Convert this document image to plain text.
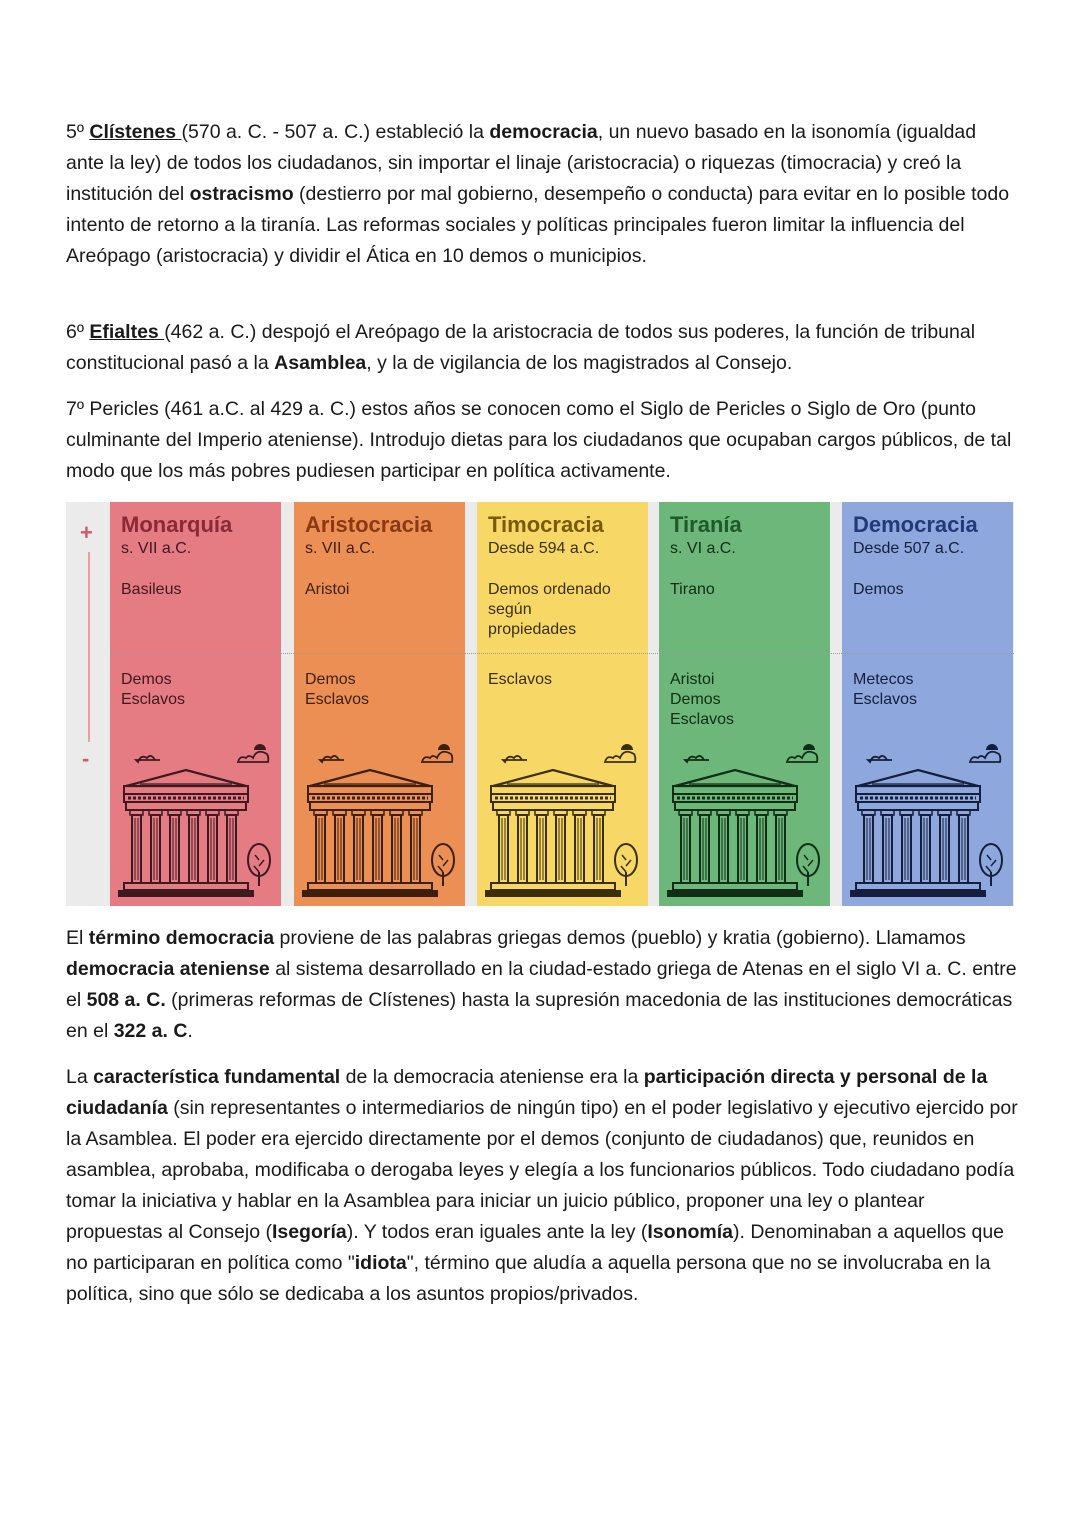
5º Clístenes (570 a. C. - 507 a. C.) estableció la democracia, un nuevo basado en la isonomía (igualdad ante la ley) de todos los ciudadanos, sin importar el linaje (aristocracia) o riquezas (timocracia) y creó la institución del ostracismo (destierro por mal gobierno, desempeño o conducta) para evitar en lo posible todo intento de retorno a la tiranía. Las reformas sociales y políticas principales fueron limitar la influencia del Areópago (aristocracia) y dividir el Ática en 10 demos o municipios.

6º Efialtes (462 a. C.) despojó el Areópago de la aristocracia de todos sus poderes, la función de tribunal constitucional pasó a la Asamblea, y la de vigilancia de los magistrados al Consejo.

7º Pericles (461 a.C. al 429 a. C.) estos años se conocen como el Siglo de Pericles o Siglo de Oro (punto culminante del Imperio ateniense). Introdujo dietas para los ciudadanos que ocupaban cargos públicos, de tal modo que los más pobres pudiesen participar en política activamente.

+
-
Monarquía
s. VII a.C.
Basileus
Demos
Esclavos
Aristocracia
s. VII a.C.
Aristoi
Demos
Esclavos
Timocracia
Desde 594 a.C.
Demos ordenado
según
propiedades
Esclavos
Tiranía
s. VI a.C.
Tirano
Aristoi
Demos
Esclavos
Democracia
Desde 507 a.C.
Demos
Metecos
Esclavos

El término democracia proviene de las palabras griegas demos (pueblo) y kratia (gobierno). Llamamos democracia ateniense al sistema desarrollado en la ciudad-estado griega de Atenas en el siglo VI a. C. entre el 508 a. C. (primeras reformas de Clístenes) hasta la supresión macedonia de las instituciones democráticas en el 322 a. C.

La característica fundamental de la democracia ateniense era la participación directa y personal de la ciudadanía (sin representantes o intermediarios de ningún tipo) en el poder legislativo y ejecutivo ejercido por la Asamblea. El poder era ejercido directamente por el demos (conjunto de ciudadanos) que, reunidos en asamblea, aprobaba, modificaba o derogaba leyes y elegía a los funcionarios públicos. Todo ciudadano podía tomar la iniciativa y hablar en la Asamblea para iniciar un juicio público, proponer una ley o plantear propuestas al Consejo (Isegoría). Y todos eran iguales ante la ley (Isonomía). Denominaban a aquellos que no participaran en política como "idiota", término que aludía a aquella persona que no se involucraba en la política, sino que sólo se dedicaba a los asuntos propios/privados.
